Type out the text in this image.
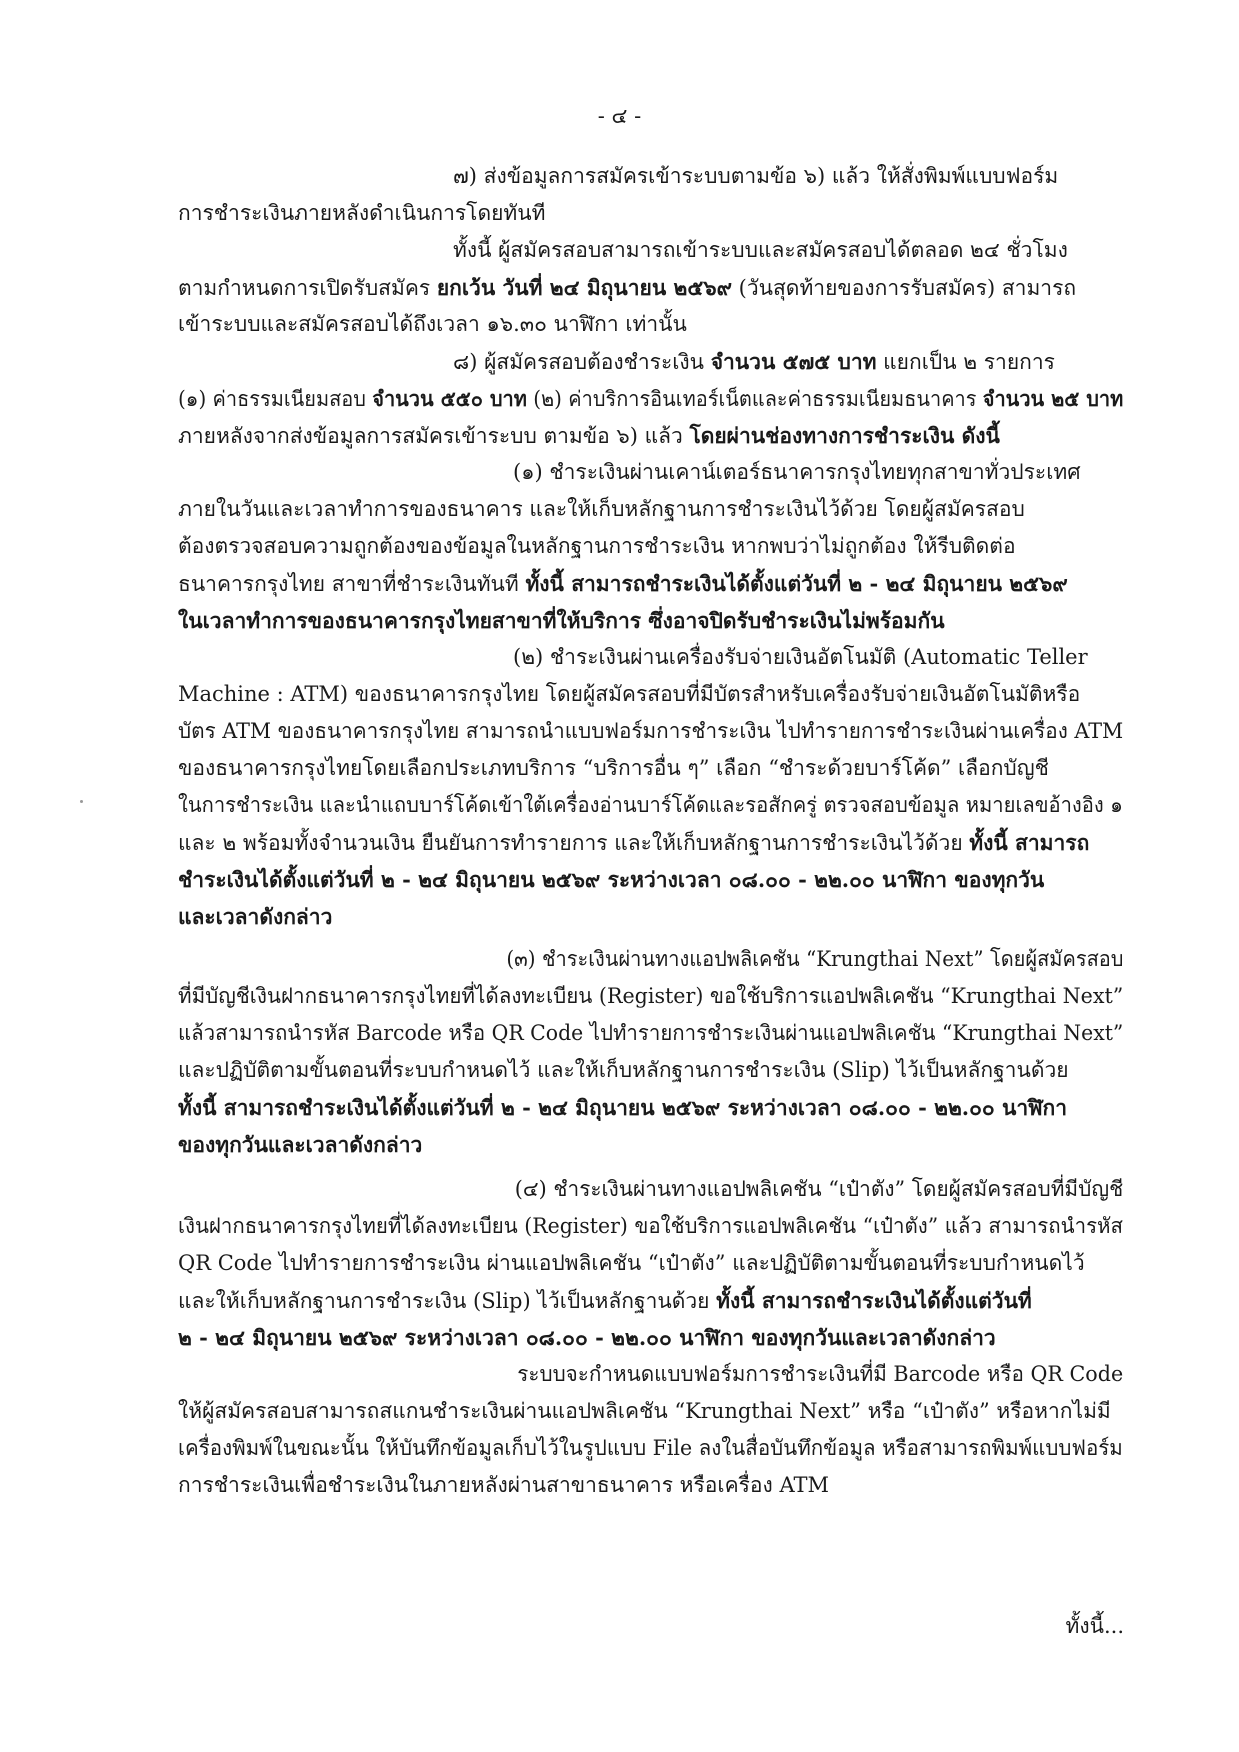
- ๔ -
๗) ส่งข้อมูลการสมัครเข้าระบบตามข้อ ๖) แล้ว ให้สั่งพิมพ์แบบฟอร์ม
การชำระเงินภายหลังดำเนินการโดยทันที
ทั้งนี้ ผู้สมัครสอบสามารถเข้าระบบและสมัครสอบได้ตลอด ๒๔ ชั่วโมง
ตามกำหนดการเปิดรับสมัคร ยกเว้น วันที่ ๒๔ มิถุนายน ๒๕๖๙ (วันสุดท้ายของการรับสมัคร) สามารถ
เข้าระบบและสมัครสอบได้ถึงเวลา ๑๖.๓๐ นาฬิกา เท่านั้น
๘) ผู้สมัครสอบต้องชำระเงิน จำนวน ๕๗๕ บาท แยกเป็น ๒ รายการ
(๑) ค่าธรรมเนียมสอบ จำนวน ๕๕๐ บาท (๒) ค่าบริการอินเทอร์เน็ตและค่าธรรมเนียมธนาคาร จำนวน ๒๕ บาท
ภายหลังจากส่งข้อมูลการสมัครเข้าระบบ ตามข้อ ๖) แล้ว โดยผ่านช่องทางการชำระเงิน ดังนี้
(๑) ชำระเงินผ่านเคาน์เตอร์ธนาคารกรุงไทยทุกสาขาทั่วประเทศ
ภายในวันและเวลาทำการของธนาคาร และให้เก็บหลักฐานการชำระเงินไว้ด้วย โดยผู้สมัครสอบ
ต้องตรวจสอบความถูกต้องของข้อมูลในหลักฐานการชำระเงิน หากพบว่าไม่ถูกต้อง ให้รีบติดต่อ
ธนาคารกรุงไทย สาขาที่ชำระเงินทันที ทั้งนี้ สามารถชำระเงินได้ตั้งแต่วันที่ ๒ - ๒๔ มิถุนายน ๒๕๖๙
ในเวลาทำการของธนาคารกรุงไทยสาขาที่ให้บริการ ซึ่งอาจปิดรับชำระเงินไม่พร้อมกัน
(๒) ชำระเงินผ่านเครื่องรับจ่ายเงินอัตโนมัติ (Automatic Teller
Machine : ATM) ของธนาคารกรุงไทย โดยผู้สมัครสอบที่มีบัตรสำหรับเครื่องรับจ่ายเงินอัตโนมัติหรือ
บัตร ATM ของธนาคารกรุงไทย สามารถนำแบบฟอร์มการชำระเงิน ไปทำรายการชำระเงินผ่านเครื่อง ATM
ของธนาคารกรุงไทยโดยเลือกประเภทบริการ “บริการอื่น ๆ” เลือก “ชำระด้วยบาร์โค้ด” เลือกบัญชี
ในการชำระเงิน และนำแถบบาร์โค้ดเข้าใต้เครื่องอ่านบาร์โค้ดและรอสักครู่ ตรวจสอบข้อมูล หมายเลขอ้างอิง ๑
และ ๒ พร้อมทั้งจำนวนเงิน ยืนยันการทำรายการ และให้เก็บหลักฐานการชำระเงินไว้ด้วย ทั้งนี้ สามารถ
ชำระเงินได้ตั้งแต่วันที่ ๒ - ๒๔ มิถุนายน ๒๕๖๙ ระหว่างเวลา ๐๘.๐๐ - ๒๒.๐๐ นาฬิกา ของทุกวัน
และเวลาดังกล่าว
(๓) ชำระเงินผ่านทางแอปพลิเคชัน “Krungthai Next” โดยผู้สมัครสอบ
ที่มีบัญชีเงินฝากธนาคารกรุงไทยที่ได้ลงทะเบียน (Register) ขอใช้บริการแอปพลิเคชัน “Krungthai Next”
แล้วสามารถนำรหัส Barcode หรือ QR Code ไปทำรายการชำระเงินผ่านแอปพลิเคชัน “Krungthai Next”
และปฏิบัติตามขั้นตอนที่ระบบกำหนดไว้ และให้เก็บหลักฐานการชำระเงิน (Slip) ไว้เป็นหลักฐานด้วย
ทั้งนี้ สามารถชำระเงินได้ตั้งแต่วันที่ ๒ - ๒๔ มิถุนายน ๒๕๖๙ ระหว่างเวลา ๐๘.๐๐ - ๒๒.๐๐ นาฬิกา
ของทุกวันและเวลาดังกล่าว
(๔) ชำระเงินผ่านทางแอปพลิเคชัน “เป๋าตัง” โดยผู้สมัครสอบที่มีบัญชี
เงินฝากธนาคารกรุงไทยที่ได้ลงทะเบียน (Register) ขอใช้บริการแอปพลิเคชัน “เป๋าตัง” แล้ว สามารถนำรหัส
QR Code ไปทำรายการชำระเงิน ผ่านแอปพลิเคชัน “เป๋าตัง” และปฏิบัติตามขั้นตอนที่ระบบกำหนดไว้
และให้เก็บหลักฐานการชำระเงิน (Slip) ไว้เป็นหลักฐานด้วย ทั้งนี้ สามารถชำระเงินได้ตั้งแต่วันที่
๒ - ๒๔ มิถุนายน ๒๕๖๙ ระหว่างเวลา ๐๘.๐๐ - ๒๒.๐๐ นาฬิกา ของทุกวันและเวลาดังกล่าว
ระบบจะกำหนดแบบฟอร์มการชำระเงินที่มี Barcode หรือ QR Code
ให้ผู้สมัครสอบสามารถสแกนชำระเงินผ่านแอปพลิเคชัน “Krungthai Next” หรือ “เป๋าตัง” หรือหากไม่มี
เครื่องพิมพ์ในขณะนั้น ให้บันทึกข้อมูลเก็บไว้ในรูปแบบ File ลงในสื่อบันทึกข้อมูล หรือสามารถพิมพ์แบบฟอร์ม
การชำระเงินเพื่อชำระเงินในภายหลังผ่านสาขาธนาคาร หรือเครื่อง ATM
ทั้งนี้...
